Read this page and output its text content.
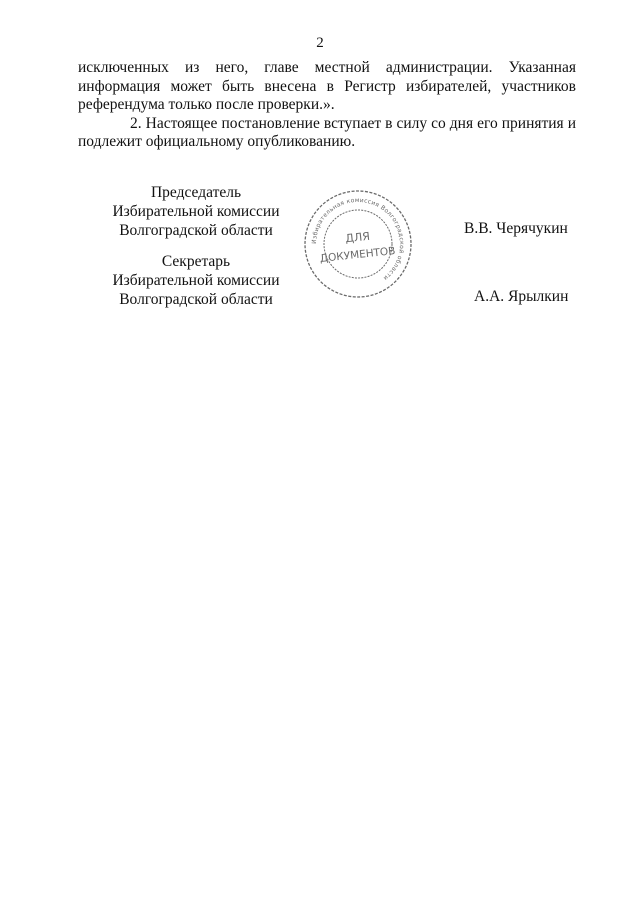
2

исключенных из него, главе местной администрации. Указанная информация может быть внесена в Регистр избирателей, участников референдума только после проверки.».

2. Настоящее постановление вступает в силу со дня его принятия и подлежит официальному опубликованию.

Председатель
Избирательной комиссии
Волгоградской области	В.В. Черячукин
Секретарь
Избирательной комиссии
Волгоградской области	А.А. Ярылкин
Избирательная комиссия Волгоградской области
ДЛЯ
ДОКУМЕНТОВ
